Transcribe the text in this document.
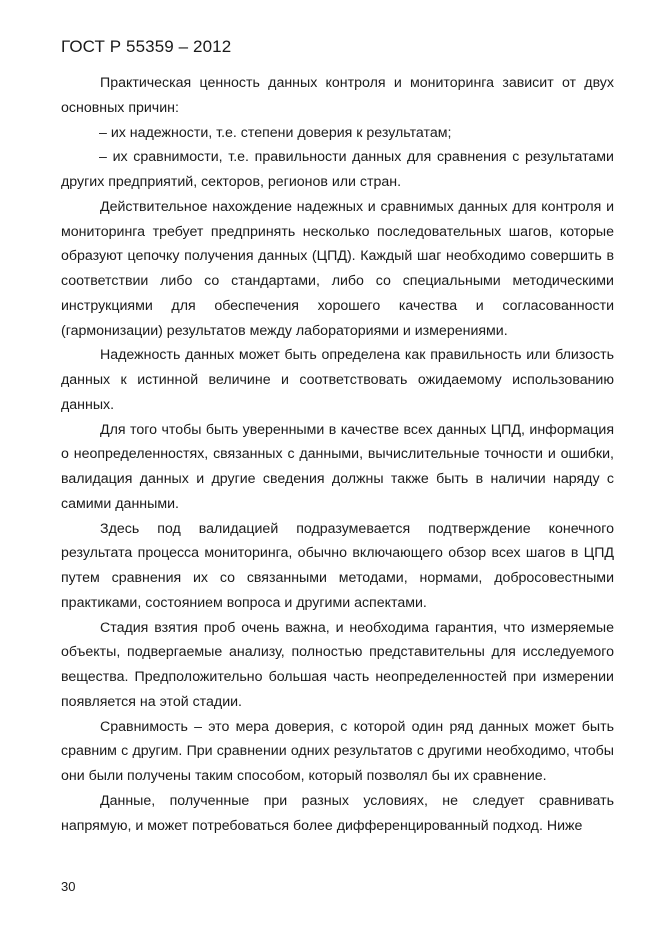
ГОСТ Р 55359 – 2012

Практическая ценность данных контроля и мониторинга зависит от двух основных причин:

– их надежности, т.е. степени доверия к результатам;

– их сравнимости, т.е. правильности данных для сравнения с результатами других предприятий, секторов, регионов или стран.

Действительное нахождение надежных и сравнимых данных для контроля и мониторинга требует предпринять несколько последовательных шагов, которые образуют цепочку получения данных (ЦПД). Каждый шаг необходимо совершить в соответствии либо со стандартами, либо со специальными методическими инструкциями для обеспечения хорошего качества и согласованности (гармонизации) результатов между лабораториями и измерениями.

Надежность данных может быть определена как правильность или близость данных к истинной величине и соответствовать ожидаемому использованию данных.

Для того чтобы быть уверенными в качестве всех данных ЦПД, информация о неопределенностях, связанных с данными, вычислительные точности и ошибки, валидация данных и другие сведения должны также быть в наличии наряду с самими данными.

Здесь под валидацией подразумевается подтверждение конечного результата процесса мониторинга, обычно включающего обзор всех шагов в ЦПД путем сравнения их со связанными методами, нормами, добросовестными практиками, состоянием вопроса и другими аспектами.

Стадия взятия проб очень важна, и необходима гарантия, что измеряемые объекты, подвергаемые анализу, полностью представительны для исследуемого вещества. Предположительно большая часть неопределенностей при измерении появляется на этой стадии.

Сравнимость – это мера доверия, с которой один ряд данных может быть сравним с другим. При сравнении одних результатов с другими необходимо, чтобы они были получены таким способом, который позволял бы их сравнение.

Данные, полученные при разных условиях, не следует сравнивать напрямую, и может потребоваться более дифференцированный подход. Ниже

30
